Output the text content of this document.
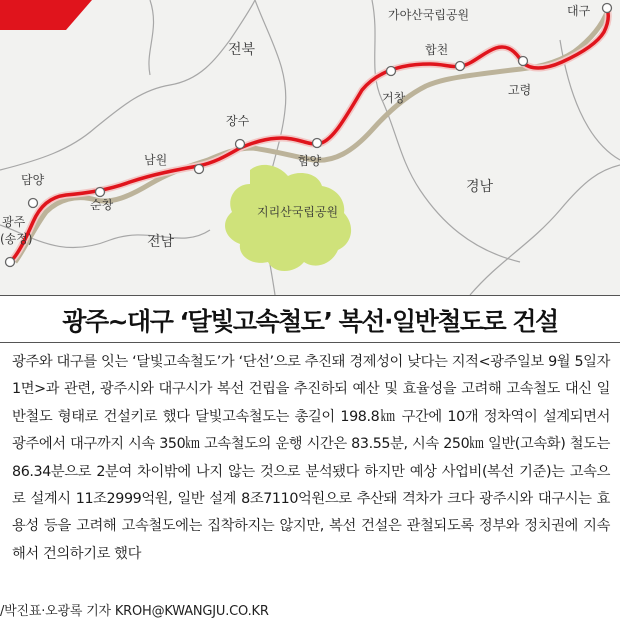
전북
전남
경남
가야산국립공원
지리산국립공원
광주
(송정)
담양
순창
남원
장수
함양
거창
합천
고령
대구
광주~대구 ‘달빛고속철도’ 복선·일반철도로 건설

광주와 대구를 잇는 ‘달빛고속철도’가 ‘단선’으로 추진돼 경제성이 낮다는 지적<광주일보 9월 5일자 1면>과 관련, 광주시와 대구시가 복선 건립을 추진하되 예산 및 효율성을 고려해 고속철도 대신 일반철도 형태로 건설키로 했다 달빛고속철도는 총길이 198.8㎞ 구간에 10개 정차역이 설계되면서 광주에서 대구까지 시속 350㎞ 고속철도의 운행 시간은 83.55분, 시속 250㎞ 일반(고속화) 철도는 86.34분으로 2분여 차이밖에 나지 않는 것으로 분석됐다 하지만 예상 사업비(복선 기준)는 고속으로 설계시 11조2999억원, 일반 설계 8조7110억원으로 추산돼 격차가 크다 광주시와 대구시는 효용성 등을 고려해 고속철도에는 집착하지는 않지만, 복선 건설은 관철되도록 정부와 정치권에 지속해서 건의하기로 했다

/박진표·오광록 기자 KROH@KWANGJU.CO.KR
